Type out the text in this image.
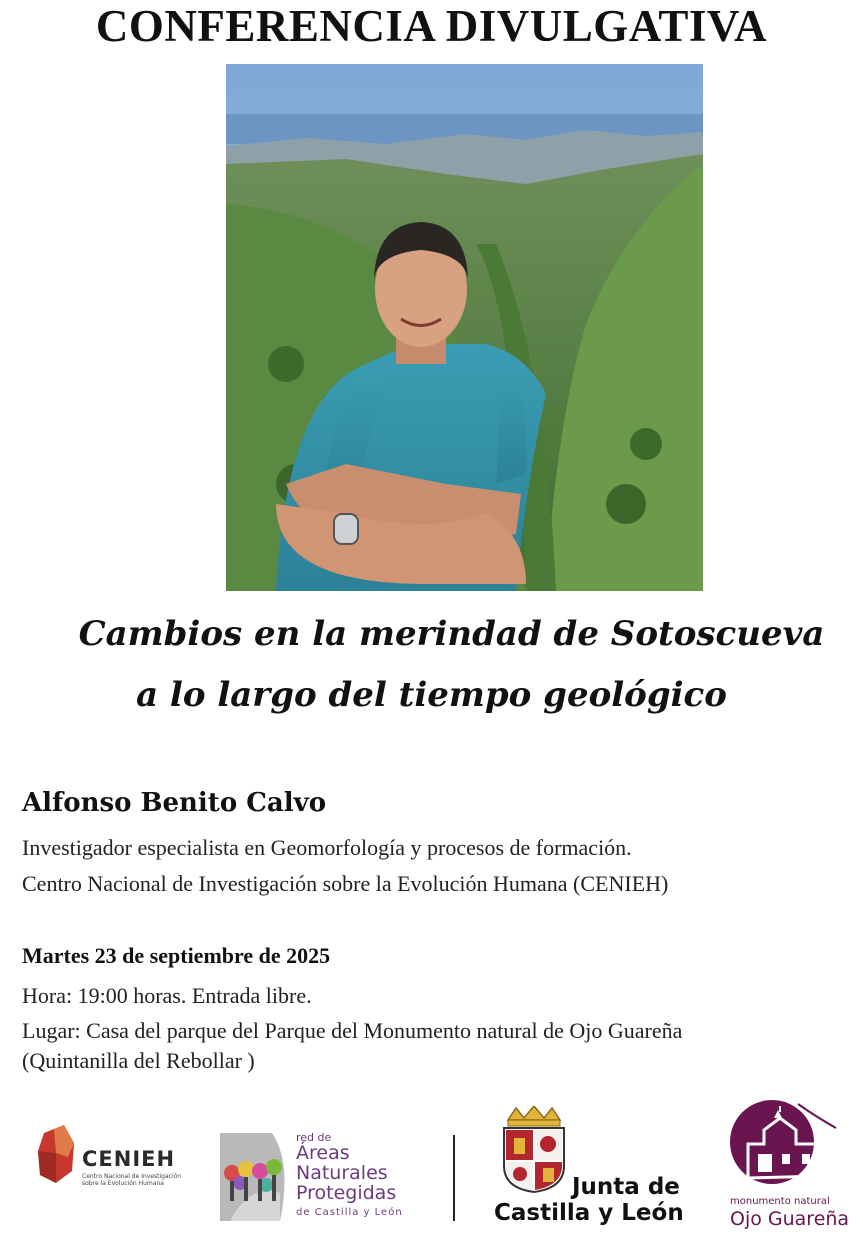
CONFERENCIA DIVULGATIVA
Cambios en la merindad de Sotoscueva
a lo largo del tiempo geológico
Alfonso Benito Calvo
Investigador especialista en Geomorfología y procesos de formación.
Centro Nacional de Investigación sobre la Evolución Humana (CENIEH)
Martes 23 de septiembre de 2025
Hora: 19:00 horas. Entrada libre.
Lugar: Casa del parque del Parque del Monumento natural de Ojo Guareña
(Quintanilla del Rebollar )
CENIEH
Centro Nacional de Investigación
sobre la Evolución Humana
red de
Áreas
Naturales
Protegidas
de Castilla y León
Junta de
Castilla y León	monumento natural
Ojo Guareña
